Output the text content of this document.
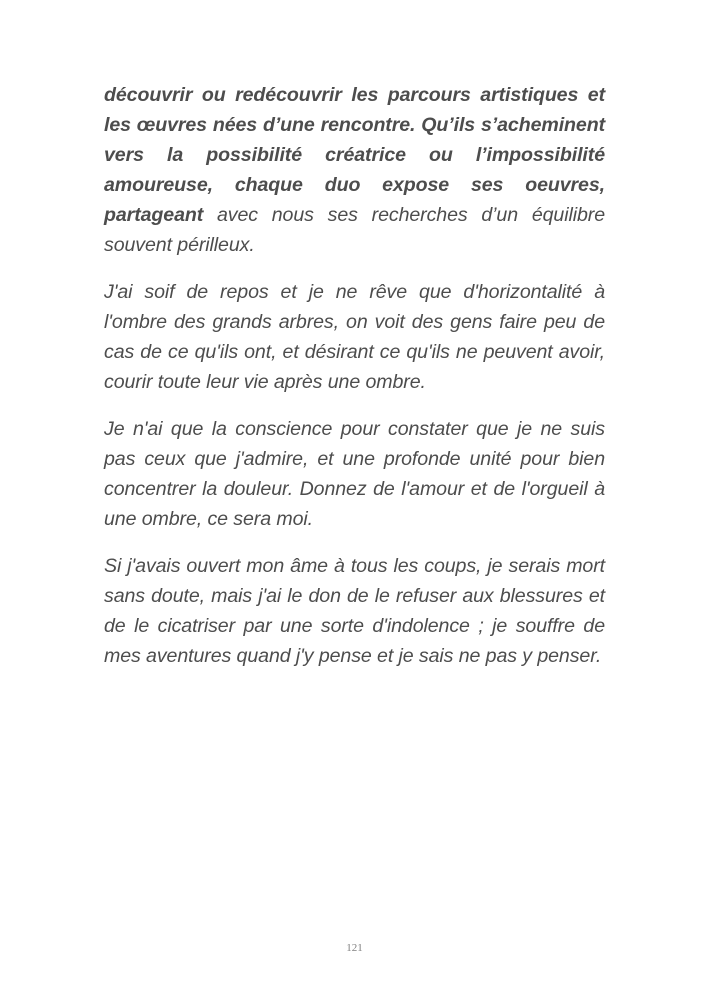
découvrir ou redécouvrir les parcours artistiques et les œuvres nées d’une rencontre. Qu’ils s’acheminent vers la possibilité créatrice ou l’impossibilité amoureuse, chaque duo expose ses oeuvres, partageant avec nous ses recherches d’un équilibre souvent périlleux.

J'ai soif de repos et je ne rêve que d'horizontalité à l'ombre des grands arbres, on voit des gens faire peu de cas de ce qu'ils ont, et désirant ce qu'ils ne peuvent avoir, courir toute leur vie après une ombre.

Je n'ai que la conscience pour constater que je ne suis pas ceux que j'admire, et une profonde unité pour bien concentrer la douleur. Donnez de l'amour et de l'orgueil à une ombre, ce sera moi.

Si j'avais ouvert mon âme à tous les coups, je serais mort sans doute, mais j'ai le don de le refuser aux blessures et de le cicatriser par une sorte d'indolence ; je souffre de mes aventures quand j'y pense et je sais ne pas y penser.

121
